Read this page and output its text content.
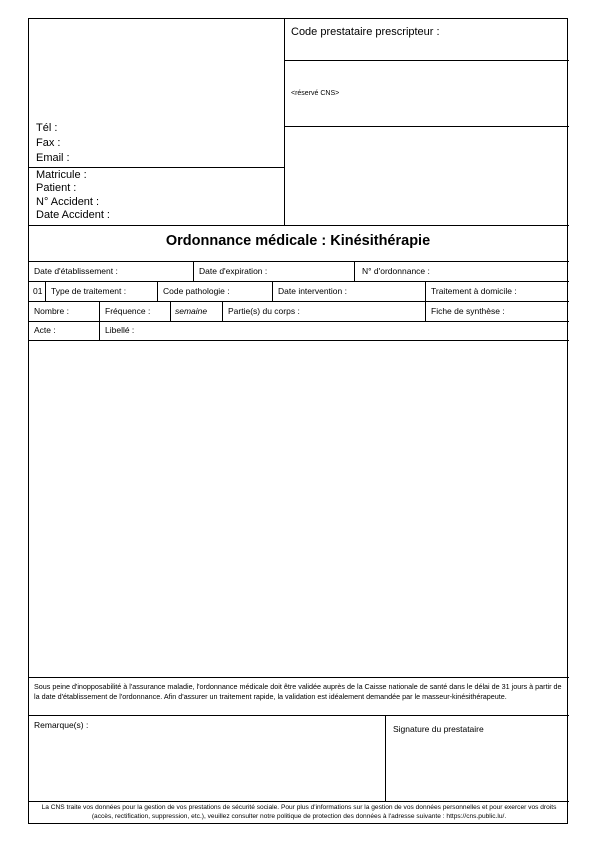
Code prestataire prescripteur :
<réservé CNS>
Tél :
Fax :
Email :
Matricule :
Patient :
N° Accident :
Date Accident :
Ordonnance médicale : Kinésithérapie
Date d'établissement :	Date d'expiration :	N° d'ordonnance :
01 Type de traitement :	Code pathologie :	Date intervention :	Traitement à domicile :
Nombre :	Fréquence :	semaine Partie(s) du corps :	Fiche de synthèse :
Acte :	Libellé :
Sous peine d'inopposabilité à l'assurance maladie, l'ordonnance médicale doit être validée auprès de la Caisse nationale de santé dans le délai de 31 jours à partir de la date d'établissement de l'ordonnance. Afin d'assurer un traitement rapide, la validation est idéalement demandée par le masseur-kinésithérapeute.
Remarque(s) :	Signature du prestataire
La CNS traite vos données pour la gestion de vos prestations de sécurité sociale. Pour plus d'informations sur la gestion de vos données personnelles et pour exercer vos droits (accès, rectification, suppression, etc.), veuillez consulter notre politique de protection des données à l'adresse suivante : https://cns.public.lu/.
